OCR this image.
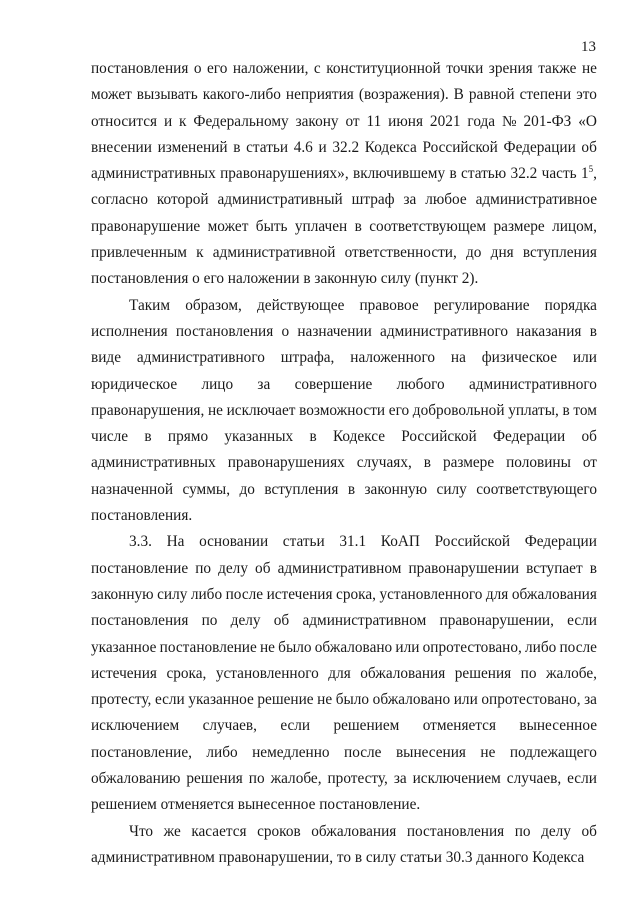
13
постановления о его наложении, с конституционной точки зрения также не
может вызывать какого-либо неприятия (возражения). В равной степени это
относится и к Федеральному закону от 11 июня 2021 года № 201-ФЗ «О
внесении изменений в статьи 4.6 и 32.2 Кодекса Российской Федерации об
административных правонарушениях», включившему в статью 32.2 часть $1^5$,
согласно которой административный штраф за любое административное
правонарушение может быть уплачен в соответствующем размере лицом,
привлеченным к административной ответственности, до дня вступления
постановления о его наложении в законную силу (пункт 2).
Таким образом, действующее правовое регулирование порядка
исполнения постановления о назначении административного наказания в
виде административного штрафа, наложенного на физическое или
юридическое лицо за совершение любого административного
правонарушения, не исключает возможности его добровольной уплаты, в том
числе в прямо указанных в Кодексе Российской Федерации об
административных правонарушениях случаях, в размере половины от
назначенной суммы, до вступления в законную силу соответствующего
постановления.
3.3. На основании статьи 31.1 КоАП Российской Федерации
постановление по делу об административном правонарушении вступает в
законную силу либо после истечения срока, установленного для обжалования
постановления по делу об административном правонарушении, если
указанное постановление не было обжаловано или опротестовано, либо после
истечения срока, установленного для обжалования решения по жалобе,
протесту, если указанное решение не было обжаловано или опротестовано, за
исключением случаев, если решением отменяется вынесенное
постановление, либо немедленно после вынесения не подлежащего
обжалованию решения по жалобе, протесту, за исключением случаев, если
решением отменяется вынесенное постановление.
Что же касается сроков обжалования постановления по делу об
административном правонарушении, то в силу статьи 30.3 данного Кодекса
